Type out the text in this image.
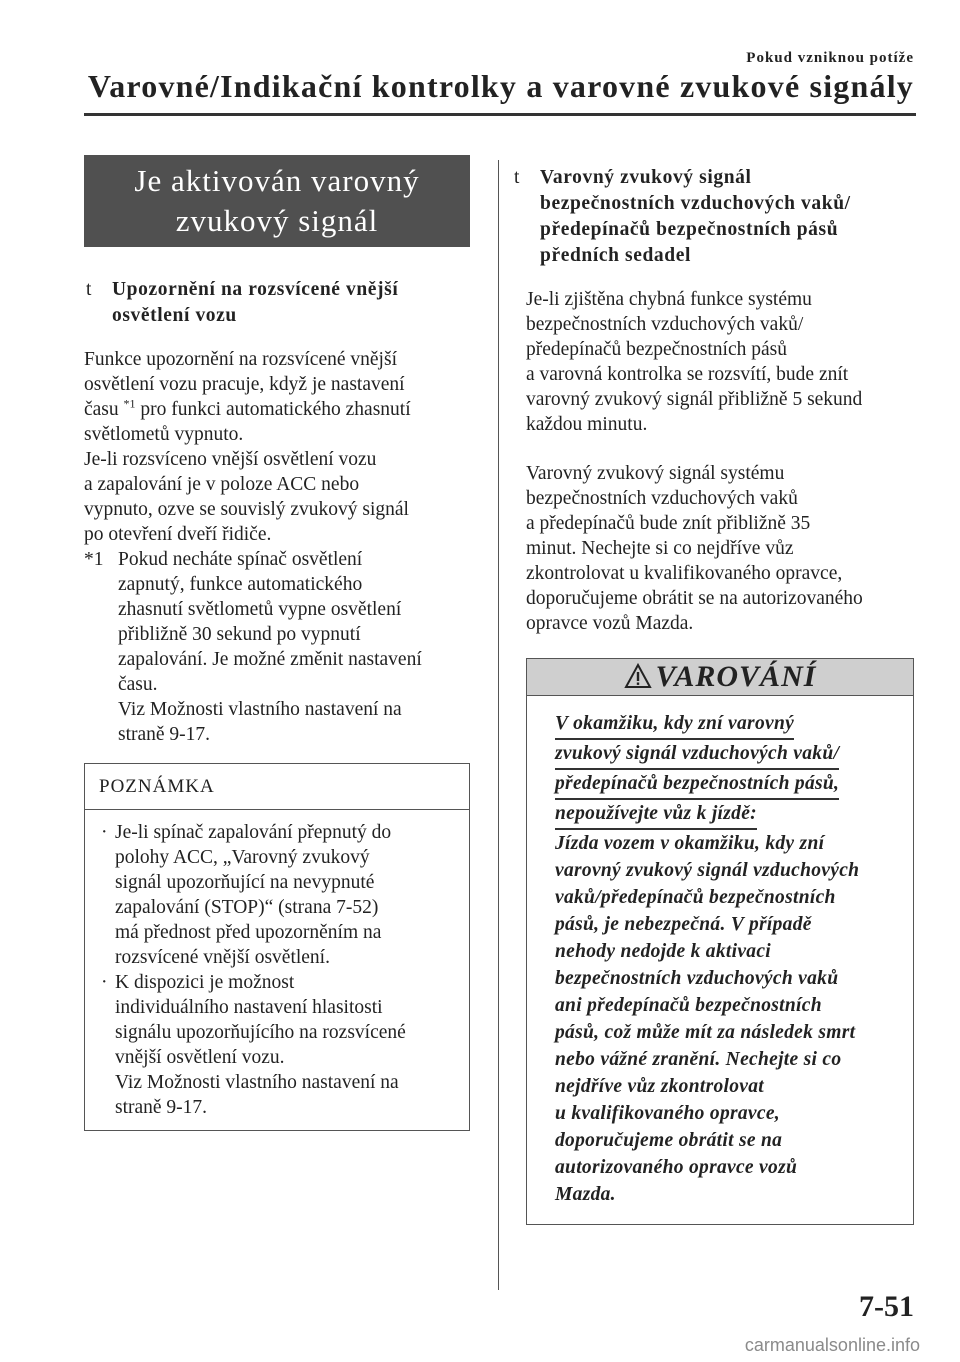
Pokud vzniknou potíže
Varovné/Indikační kontrolky a varovné zvukové signály
Je aktivován varovný
zvukový signál
t Upozornění na rozsvícené vnější
osvětlení vozu
Funkce upozornění na rozsvícené vnější
osvětlení vozu pracuje, když je nastavení
času $^{*1}$ pro funkci automatického zhasnutí
světlometů vypnuto.
Je-li rozsvíceno vnější osvětlení vozu
a zapalování je v poloze ACC nebo
vypnuto, ozve se souvislý zvukový signál
po otevření dveří řidiče.
*1 Pokud necháte spínač osvětlení
zapnutý, funkce automatického
zhasnutí světlometů vypne osvětlení
přibližně 30 sekund po vypnutí
zapalování. Je možné změnit nastavení
času.
Viz Možnosti vlastního nastavení na
straně 9-17.
POZNÁMKA
· Je-li spínač zapalování přepnutý do
polohy ACC, „Varovný zvukový
signál upozorňující na nevypnuté
zapalování (STOP)“ (strana 7-52)
má přednost před upozorněním na
rozsvícené vnější osvětlení.
· K dispozici je možnost
individuálního nastavení hlasitosti
signálu upozorňujícího na rozsvícené
vnější osvětlení vozu.
Viz Možnosti vlastního nastavení na
straně 9-17.
t Varovný zvukový signál
bezpečnostních vzduchových vaků/
předepínačů bezpečnostních pásů
předních sedadel
Je-li zjištěna chybná funkce systému
bezpečnostních vzduchových vaků/
předepínačů bezpečnostních pásů
a varovná kontrolka se rozsvítí, bude znít
varovný zvukový signál přibližně 5 sekund
každou minutu.
Varovný zvukový signál systému
bezpečnostních vzduchových vaků
a předepínačů bude znít přibližně 35
minut. Nechejte si co nejdříve vůz
zkontrolovat u kvalifikovaného opravce,
doporučujeme obrátit se na autorizovaného
opravce vozů Mazda.
VAROVÁNÍ
V okamžiku, kdy zní varovný
zvukový signál vzduchových vaků/
předepínačů bezpečnostních pásů,
nepoužívejte vůz k jízdě:
Jízda vozem v okamžiku, kdy zní
varovný zvukový signál vzduchových
vaků/předepínačů bezpečnostních
pásů, je nebezpečná. V případě
nehody nedojde k aktivaci
bezpečnostních vzduchových vaků
ani předepínačů bezpečnostních
pásů, což může mít za následek smrt
nebo vážné zranění. Nechejte si co
nejdříve vůz zkontrolovat
u kvalifikovaného opravce,
doporučujeme obrátit se na
autorizovaného opravce vozů
Mazda.
7-51
carmanualsonline.info
